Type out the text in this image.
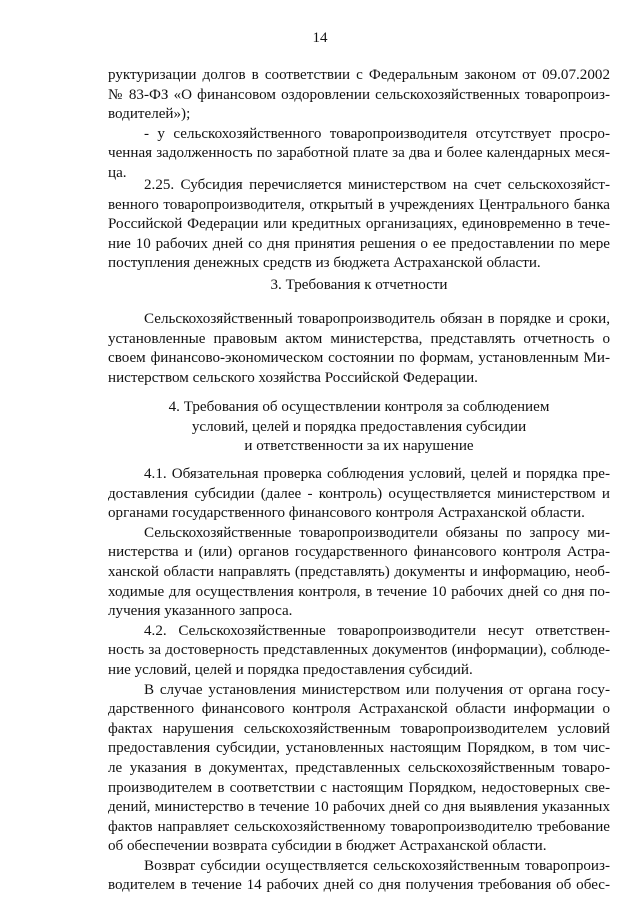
14
руктуризации долгов в соответствии с Федеральным законом от 09.07.2002
№ 83-ФЗ «О финансовом оздоровлении сельскохозяйственных товаропроиз-
водителей»);
- у сельскохозяйственного товаропроизводителя отсутствует просро-
ченная задолженность по заработной плате за два и более календарных меся-
ца.
2.25. Субсидия перечисляется министерством на счет сельскохозяйст-
венного товаропроизводителя, открытый в учреждениях Центрального банка
Российской Федерации или кредитных организациях, единовременно в тече-
ние 10 рабочих дней со дня принятия решения о ее предоставлении по мере
поступления денежных средств из бюджета Астраханской области.
3. Требования к отчетности
Сельскохозяйственный товаропроизводитель обязан в порядке и сроки,
установленные правовым актом министерства, представлять отчетность о
своем финансово-экономическом состоянии по формам, установленным Ми-
нистерством сельского хозяйства Российской Федерации.
4. Требования об осуществлении контроля за соблюдением
условий, целей и порядка предоставления субсидии
и ответственности за их нарушение
4.1. Обязательная проверка соблюдения условий, целей и порядка пре-
доставления субсидии (далее - контроль) осуществляется министерством и
органами государственного финансового контроля Астраханской области.
Сельскохозяйственные товаропроизводители обязаны по запросу ми-
нистерства и (или) органов государственного финансового контроля Астра-
ханской области направлять (представлять) документы и информацию, необ-
ходимые для осуществления контроля, в течение 10 рабочих дней со дня по-
лучения указанного запроса.
4.2. Сельскохозяйственные товаропроизводители несут ответствен-
ность за достоверность представленных документов (информации), соблюде-
ние условий, целей и порядка предоставления субсидий.
В случае установления министерством или получения от органа госу-
дарственного финансового контроля Астраханской области информации о
фактах нарушения сельскохозяйственным товаропроизводителем условий
предоставления субсидии, установленных настоящим Порядком, в том чис-
ле указания в документах, представленных сельскохозяйственным товаро-
производителем в соответствии с настоящим Порядком, недостоверных све-
дений, министерство в течение 10 рабочих дней со дня выявления указанных
фактов направляет сельскохозяйственному товаропроизводителю требование
об обеспечении возврата субсидии в бюджет Астраханской области.
Возврат субсидии осуществляется сельскохозяйственным товаропроиз-
водителем в течение 14 рабочих дней со дня получения требования об обес-
